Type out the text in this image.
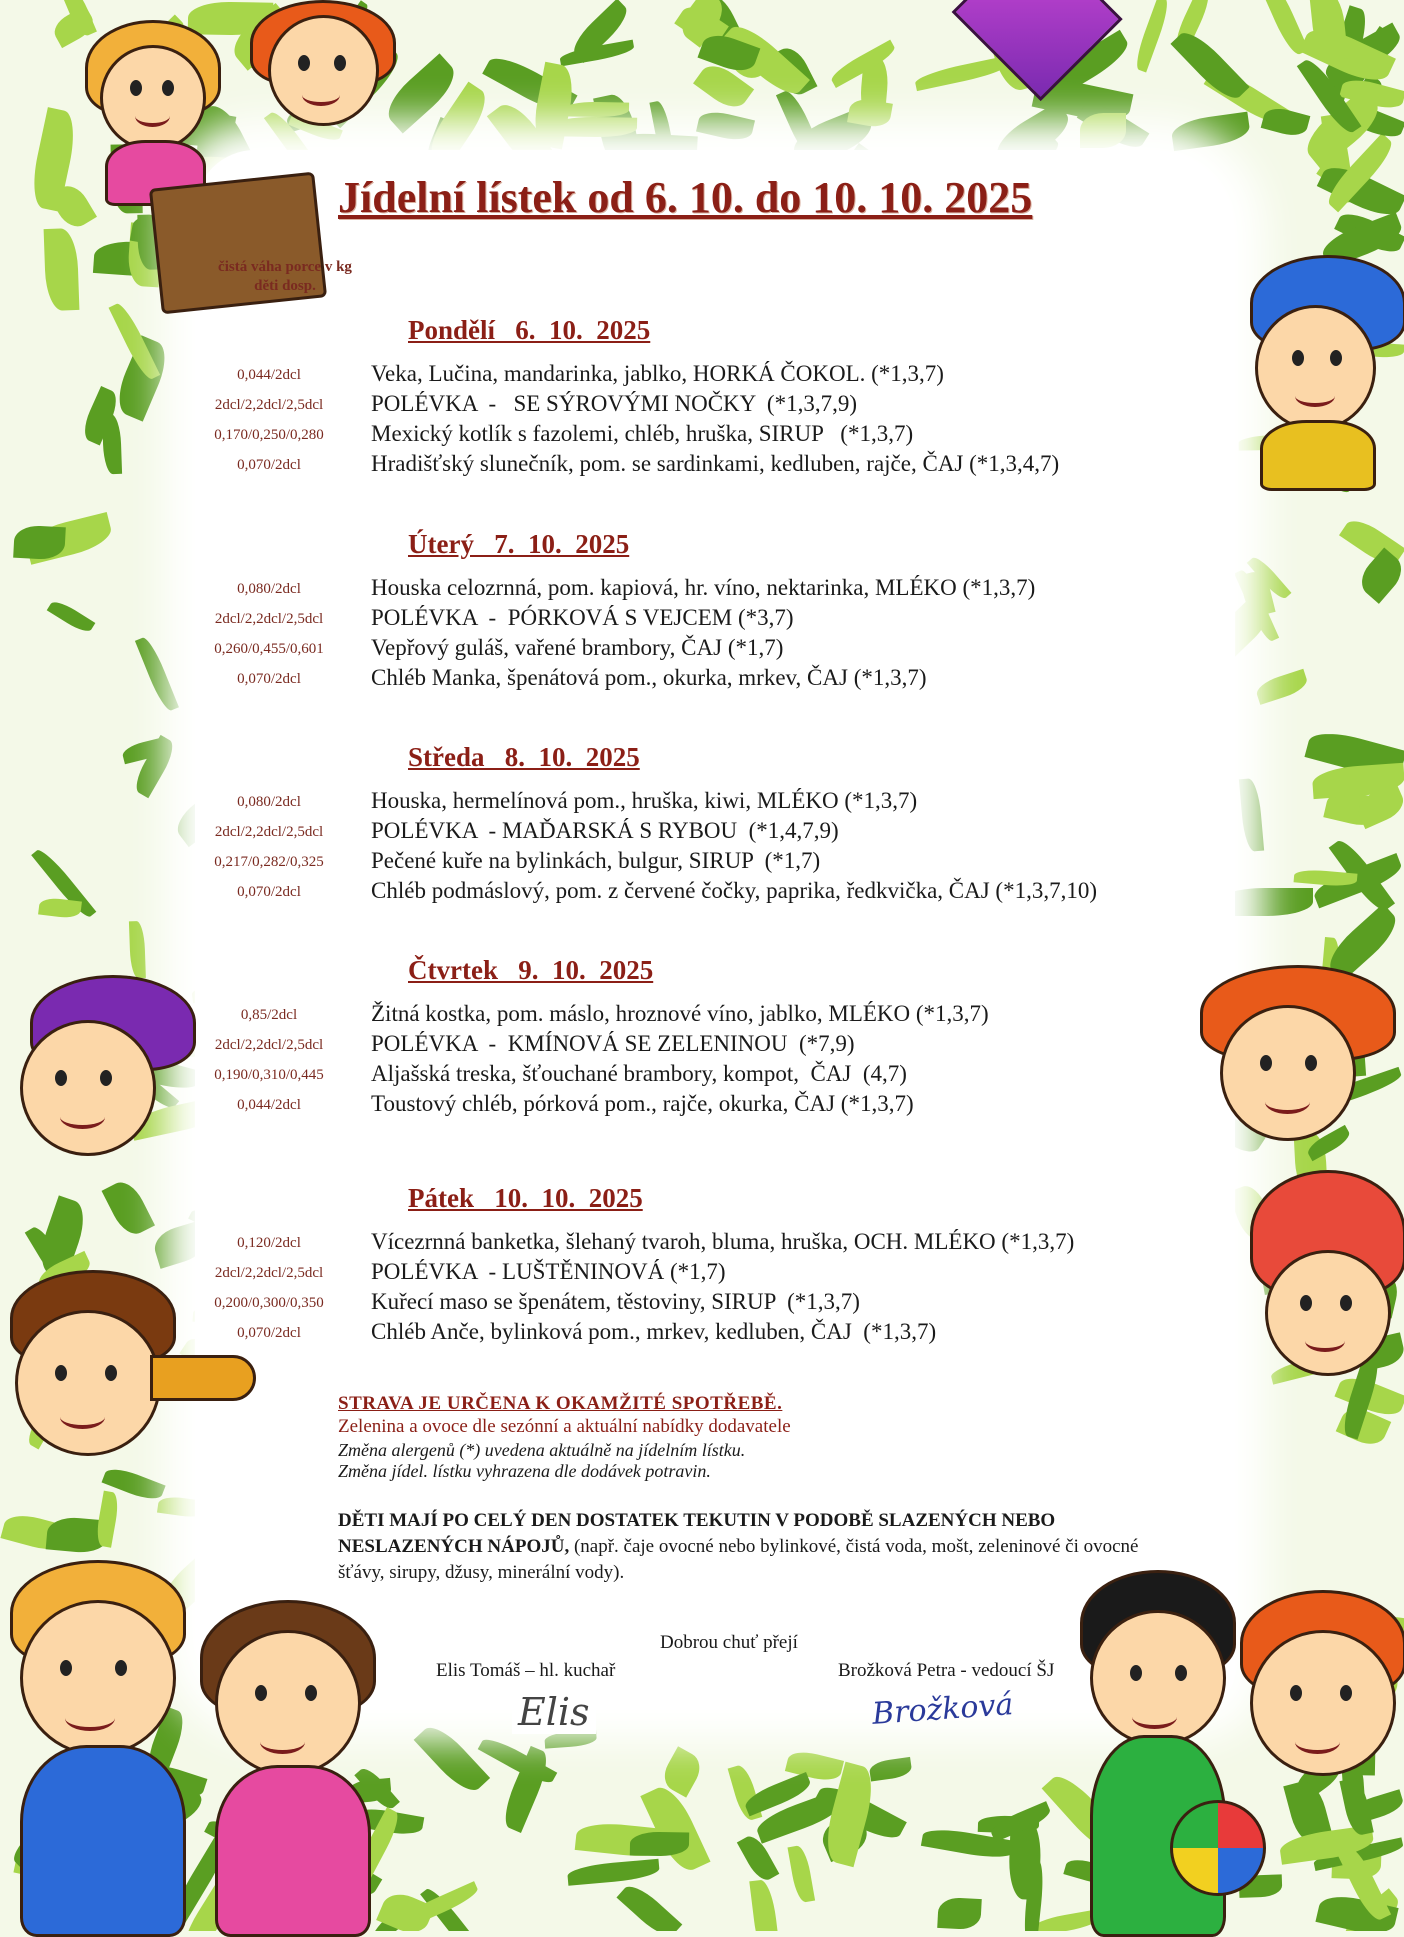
Jídelní lístek od 6. 10. do 10. 10. 2025
čistá váha porce v kg
děti dosp.
Pondělí   6.  10.  2025
0,044/2dcl	Veka, Lučina, mandarinka, jablko, HORKÁ ČOKOL. (*1,3,7)
2dcl/2,2dcl/2,5dcl	POLÉVKA  -   SE SÝROVÝMI NOČKY  (*1,3,7,9)
0,170/0,250/0,280	Mexický kotlík s fazolemi, chléb, hruška, SIRUP   (*1,3,7)
0,070/2dcl	Hradišťský slunečník, pom. se sardinkami, kedluben, rajče, ČAJ (*1,3,4,7)
Úterý   7.  10.  2025
0,080/2dcl	Houska celozrnná, pom. kapiová, hr. víno, nektarinka, MLÉKO (*1,3,7)
2dcl/2,2dcl/2,5dcl	POLÉVKA  -  PÓRKOVÁ S VEJCEM (*3,7)
0,260/0,455/0,601	Vepřový guláš, vařené brambory, ČAJ (*1,7)
0,070/2dcl	Chléb Manka, špenátová pom., okurka, mrkev, ČAJ (*1,3,7)
Středa   8.  10.  2025
0,080/2dcl	Houska, hermelínová pom., hruška, kiwi, MLÉKO (*1,3,7)
2dcl/2,2dcl/2,5dcl	POLÉVKA  - MAĎARSKÁ S RYBOU  (*1,4,7,9)
0,217/0,282/0,325	Pečené kuře na bylinkách, bulgur, SIRUP  (*1,7)
0,070/2dcl	Chléb podmáslový, pom. z červené čočky, paprika, ředkvička, ČAJ (*1,3,7,10)
Čtvrtek   9.  10.  2025
0,85/2dcl	Žitná kostka, pom. máslo, hroznové víno, jablko, MLÉKO (*1,3,7)
2dcl/2,2dcl/2,5dcl	POLÉVKA  -  KMÍNOVÁ SE ZELENINOU  (*7,9)
0,190/0,310/0,445	Aljašská treska, šťouchané brambory, kompot,  ČAJ  (4,7)
0,044/2dcl	Toustový chléb, pórková pom., rajče, okurka, ČAJ (*1,3,7)
Pátek   10.  10.  2025
0,120/2dcl	Vícezrnná banketka, šlehaný tvaroh, bluma, hruška, OCH. MLÉKO (*1,3,7)
2dcl/2,2dcl/2,5dcl	POLÉVKA  - LUŠTĚNINOVÁ (*1,7)
0,200/0,300/0,350	Kuřecí maso se špenátem, těstoviny, SIRUP  (*1,3,7)
0,070/2dcl	Chléb Anče, bylinková pom., mrkev, kedluben, ČAJ  (*1,3,7)
STRAVA JE URČENA K OKAMŽITÉ SPOTŘEBĚ.
Zelenina a ovoce dle sezónní a aktuální nabídky dodavatele
Změna alergenů (*) uvedena aktuálně na jídelním lístku.
Změna jídel. lístku vyhrazena dle dodávek potravin.
DĚTI MAJÍ PO CELÝ DEN DOSTATEK TEKUTIN V PODOBĚ SLAZENÝCH NEBO NESLAZENÝCH NÁPOJŮ, (např. čaje ovocné nebo bylinkové, čistá voda, mošt, zeleninové či ovocné šťávy, sirupy, džusy, minerální vody).
Dobrou chuť přejí
Elis Tomáš – hl. kuchař	Brožková Petra - vedoucí ŠJ
Elis	Brožková
